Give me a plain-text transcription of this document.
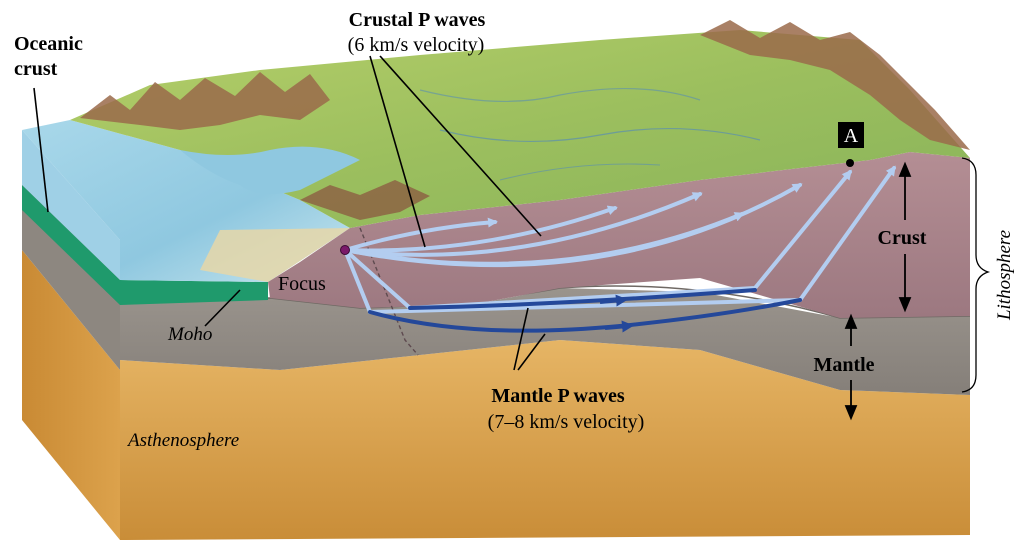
A
Oceanic
crust
Crustal P waves
(6 km/s velocity)
Focus
Moho
Crust
Mantle
Lithosphere
Mantle P waves
(7–8 km/s velocity)
Asthenosphere
